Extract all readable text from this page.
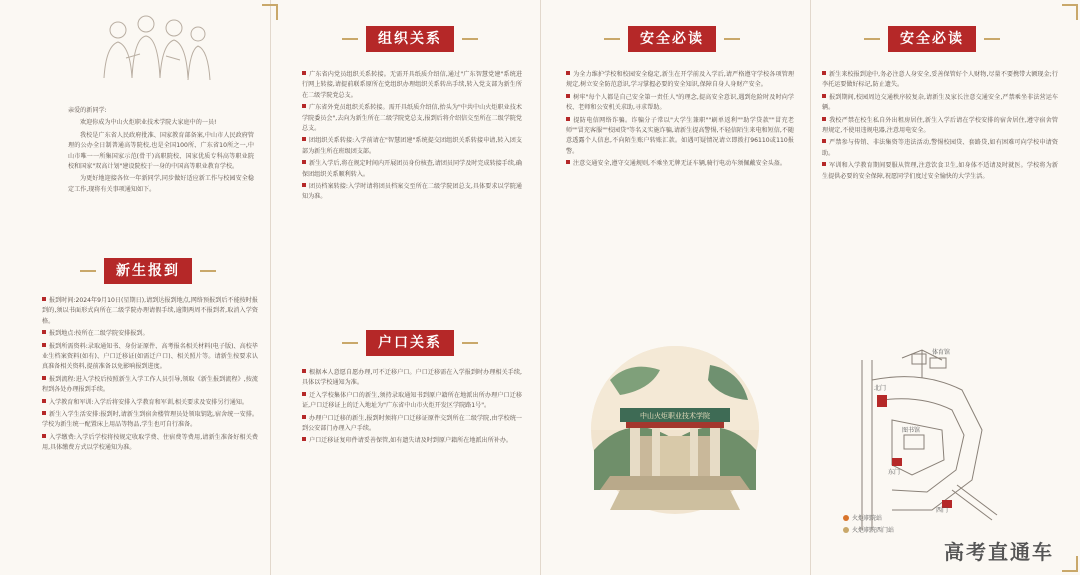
亲爱的新同学:

欢迎你成为中山火炬职业技术学院大家庭中的一员!

我校是广东省人民政府批准、国家教育部备案,中山市人民政府管理的公办全日制普通高等院校,也是全国100所、广东省10所之一,中山市唯一一所集国家示范(骨干)高职院校、国家优质专科高等职业院校和国家"双高计划"建设院校于一身的中国高等职业教育学校。

为更好地迎接各位一年新同学,同步做好适应新工作与校园安全稳定工作,现将有关事项通知如下。

新生报到

报到时间:2024年9月10日(星期日),请到达报到地点,网络预报到后不能按时报到的,须以书面形式向所在二级学院办理请假手续,逾期两周不报到者,取消入学资格。

报到地点:按所在二级学院安排报到。

报到所需资料:录取通知书、身份证原件、高考报名相关材料(电子版)、高校毕业生档案资料(如有)、户口迁移证(如需迁户口)、相关照片等。请新生按要求认真准备相关资料,提前准备以免影响报到进度。

报到流程:进入学校后按照新生入学工作人员引导,领取《新生报到流程》,按流程到各处办理报到手续。

入学教育和军训:入学后将安排入学教育和军训,相关要求及安排另行通知。

新生入学生活安排:报到时,请新生到宿舍楼管理员处领取钥匙,宿舍统一安排。学校为新生统一配置床上用品等物品,学生也可自行准备。

入学缴费:入学后学校将按规定收取学费、住宿费等费用,请新生准备好相关费用,具体缴费方式以学校通知为准。

组织关系

广东省内党员组织关系转接。无需开具纸质介绍信,通过"广东智慧党建"系统进行网上转接,请提前联系原所在党组织办理组织关系转出手续,转入党支部为新生所在二级学院党总支。

广东省外党员组织关系转接。需开具纸质介绍信,抬头为"中共中山火炬职业技术学院委员会",去向为新生所在二级学院党总支,报到后将介绍信交至所在二级学院党总支。

团组织关系转接:入学前请在"智慧团建"系统提交团组织关系转接申请,转入团支部为新生所在班级团支部。

新生入学后,将在规定时间内开展团员身份核查,请团员同学及时完成转接手续,确保团组织关系顺利转入。

团员档案转接:入学时请将团员档案交至所在二级学院团总支,具体要求以学院通知为准。

户口关系

根据本人意愿自愿办理,可不迁移户口。户口迁移需在入学报到时办理相关手续,具体以学校通知为准。

迁入学校集体户口的新生,须持录取通知书到原户籍所在地派出所办理户口迁移证,户口迁移证上的迁入地址为"广东省中山市火炬开发区学院路1号"。

办理户口迁移的新生,报到时须将户口迁移证原件交到所在二级学院,由学校统一到公安部门办理入户手续。

户口迁移证复印件请妥善保管,如有遗失请及时到原户籍所在地派出所补办。

安全必读

为全力维护学校和校园安全稳定,新生在开学前及入学后,请严格遵守学校各项管理规定,树立安全防范意识,学习掌握必要的安全知识,保障自身人身财产安全。

树牢"每个人都是自己安全第一责任人"的理念,提高安全意识,遇到危险时及时向学校、老师和公安机关求助,寻求帮助。

提防电信网络诈骗。诈骗分子常以"大学生兼职""刷单返利""助学贷款""冒充老师""冒充客服""校园贷"等名义实施诈骗,请新生提高警惕,不轻信陌生来电和短信,不随意透露个人信息,不向陌生账户转账汇款。如遇可疑情况请立即拨打96110或110报警。

注意交通安全,遵守交通规则,不乘坐无牌无证车辆,骑行电动车须佩戴安全头盔。

中山火炬职业技术学院
安全必读

新生来校报到途中,务必注意人身安全,妥善保管好个人财物,尽量不要携带大额现金;行李托运要做好标记,防止遗失。

报到期间,校园周边交通秩序较复杂,请新生及家长注意交通安全,严禁乘坐非法营运车辆。

我校严禁在校生私自外出租房居住,新生入学后请在学校安排的宿舍居住,遵守宿舍管理规定,不使用违规电器,注意用电安全。

严禁参与传销、非法集资等违法活动,警惕校园贷、套路贷,如有困难可向学校申请资助。

军训和入学教育期间要服从管理,注意饮食卫生,如身体不适请及时就医。学校将为新生提供必要的安全保障,祝愿同学们度过安全愉快的大学生活。

体育馆
北门
西门
东门
图书馆
火炬职院站
火炬职院西门站
高考直通车
